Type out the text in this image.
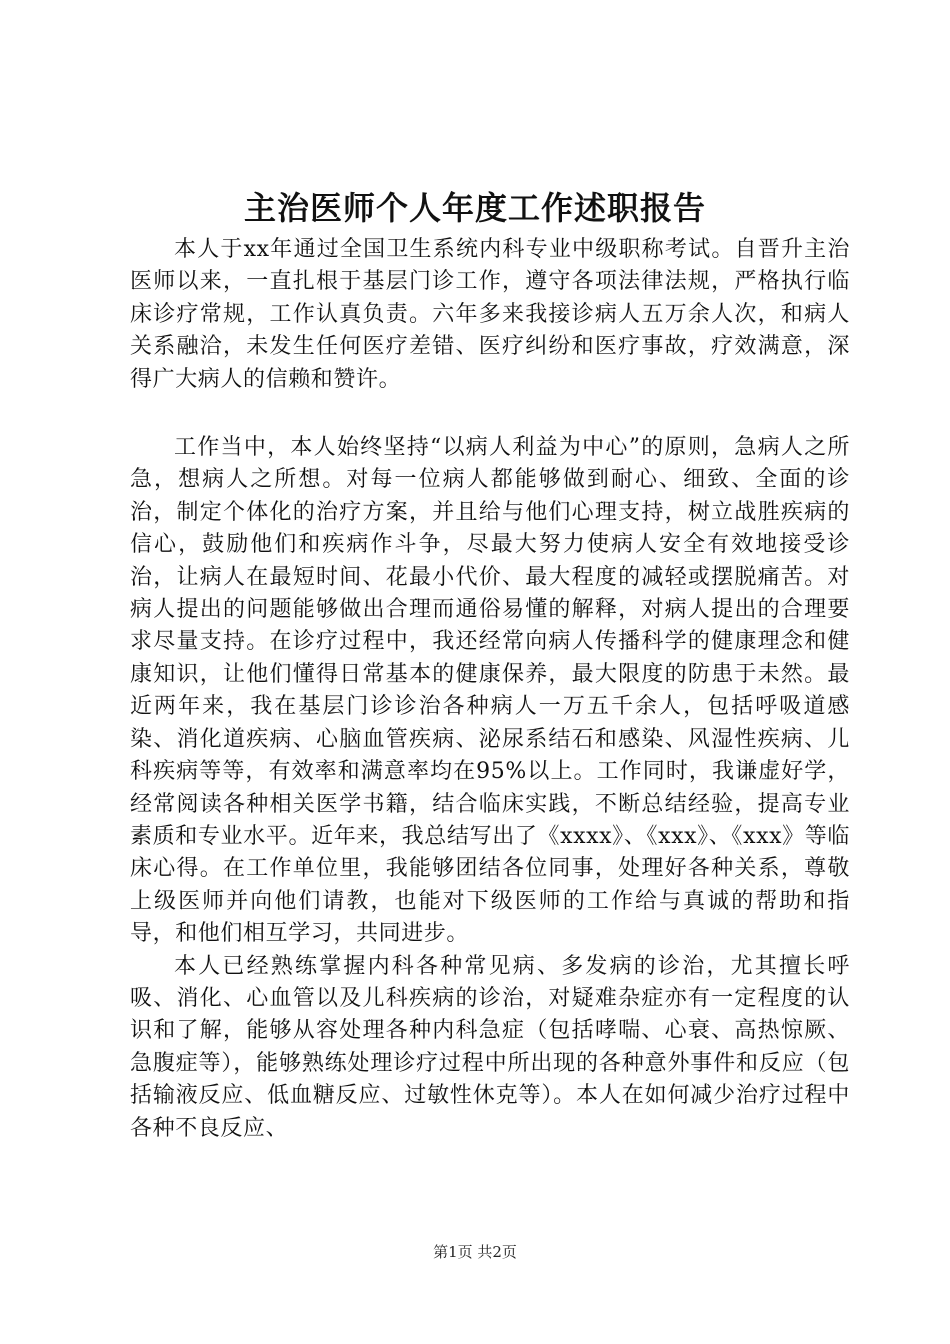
主治医师个人年度工作述职报告

本人于xx年通过全国卫生系统内科专业中级职称考试。自晋升主治医师以来，一直扎根于基层门诊工作，遵守各项法律法规，严格执行临床诊疗常规，工作认真负责。六年多来我接诊病人五万余人次，和病人关系融洽，未发生任何医疗差错、医疗纠纷和医疗事故，疗效满意，深得广大病人的信赖和赞许。

工作当中，本人始终坚持“以病人利益为中心”的原则，急病人之所急，想病人之所想。对每一位病人都能够做到耐心、细致、全面的诊治，制定个体化的治疗方案，并且给与他们心理支持，树立战胜疾病的信心，鼓励他们和疾病作斗争，尽最大努力使病人安全有效地接受诊治，让病人在最短时间、花最小代价、最大程度的减轻或摆脱痛苦。对病人提出的问题能够做出合理而通俗易懂的解释，对病人提出的合理要求尽量支持。在诊疗过程中，我还经常向病人传播科学的健康理念和健康知识，让他们懂得日常基本的健康保养，最大限度的防患于未然。最近两年来，我在基层门诊诊治各种病人一万五千余人，包括呼吸道感染、消化道疾病、心脑血管疾病、泌尿系结石和感染、风湿性疾病、儿科疾病等等，有效率和满意率均在95%以上。工作同时，我谦虚好学，经常阅读各种相关医学书籍，结合临床实践，不断总结经验，提高专业素质和专业水平。近年来，我总结写出了《xxxx》、《xxx》、《xxx》等临床心得。在工作单位里，我能够团结各位同事，处理好各种关系，尊敬上级医师并向他们请教，也能对下级医师的工作给与真诚的帮助和指导，和他们相互学习，共同进步。

本人已经熟练掌握内科各种常见病、多发病的诊治，尤其擅长呼吸、消化、心血管以及儿科疾病的诊治，对疑难杂症亦有一定程度的认识和了解，能够从容处理各种内科急症（包括哮喘、心衰、高热惊厥、急腹症等），能够熟练处理诊疗过程中所出现的各种意外事件和反应（包括输液反应、低血糖反应、过敏性休克等）。本人在如何减少治疗过程中各种不良反应、

第1页 共2页
